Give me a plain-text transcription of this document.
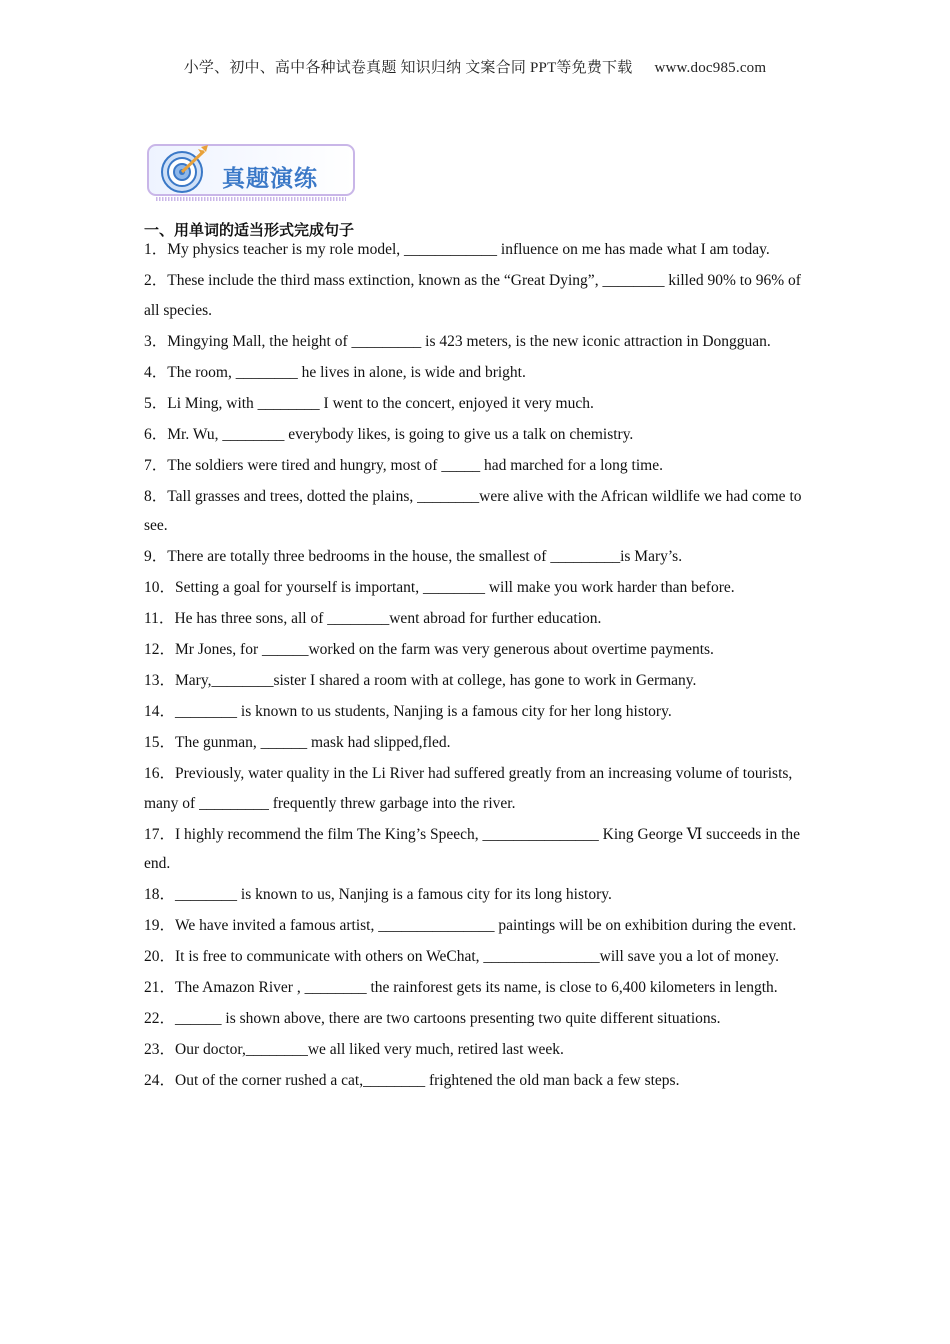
小学、初中、高中各种试卷真题 知识归纳 文案合同 PPT等免费下载 www.doc985.com
真题演练
一、用单词的适当形式完成句子
1．My physics teacher is my role model, ____________ influence on me has made what I am today.
2．These include the third mass extinction, known as the “Great Dying”, ________ killed 90% to 96% of all species.
3．Mingying Mall, the height of _________ is 423 meters, is the new iconic attraction in Dongguan.
4．The room, ________ he lives in alone, is wide and bright.
5．Li Ming, with ________ I went to the concert, enjoyed it very much.
6．Mr. Wu, ________ everybody likes, is going to give us a talk on chemistry.
7．The soldiers were tired and hungry, most of _____ had marched for a long time.
8．Tall grasses and trees, dotted the plains, ________were alive with the African wildlife we had come to see.
9．There are totally three bedrooms in the house, the smallest of _________is Mary’s.
10．Setting a goal for yourself is important, ________ will make you work harder than before.
11．He has three sons, all of ________went abroad for further education.
12．Mr Jones, for ______worked on the farm was very generous about overtime payments.
13．Mary,________sister I shared a room with at college, has gone to work in Germany.
14．________ is known to us students, Nanjing is a famous city for her long history.
15．The gunman, ______ mask had slipped,fled.
16．Previously, water quality in the Li River had suffered greatly from an increasing volume of tourists, many of _________ frequently threw garbage into the river.
17．I highly recommend the film The King’s Speech, _______________ King George Ⅵ succeeds in the end.
18．________ is known to us, Nanjing is a famous city for its long history.
19．We have invited a famous artist, _______________ paintings will be on exhibition during the event.
20．It is free to communicate with others on WeChat, _______________will save you a lot of money.
21．The Amazon River , ________ the rainforest gets its name, is close to 6,400 kilometers in length.
22．______ is shown above, there are two cartoons presenting two quite different situations.
23．Our doctor,________we all liked very much, retired last week.
24．Out of the corner rushed a cat,________ frightened the old man back a few steps.
